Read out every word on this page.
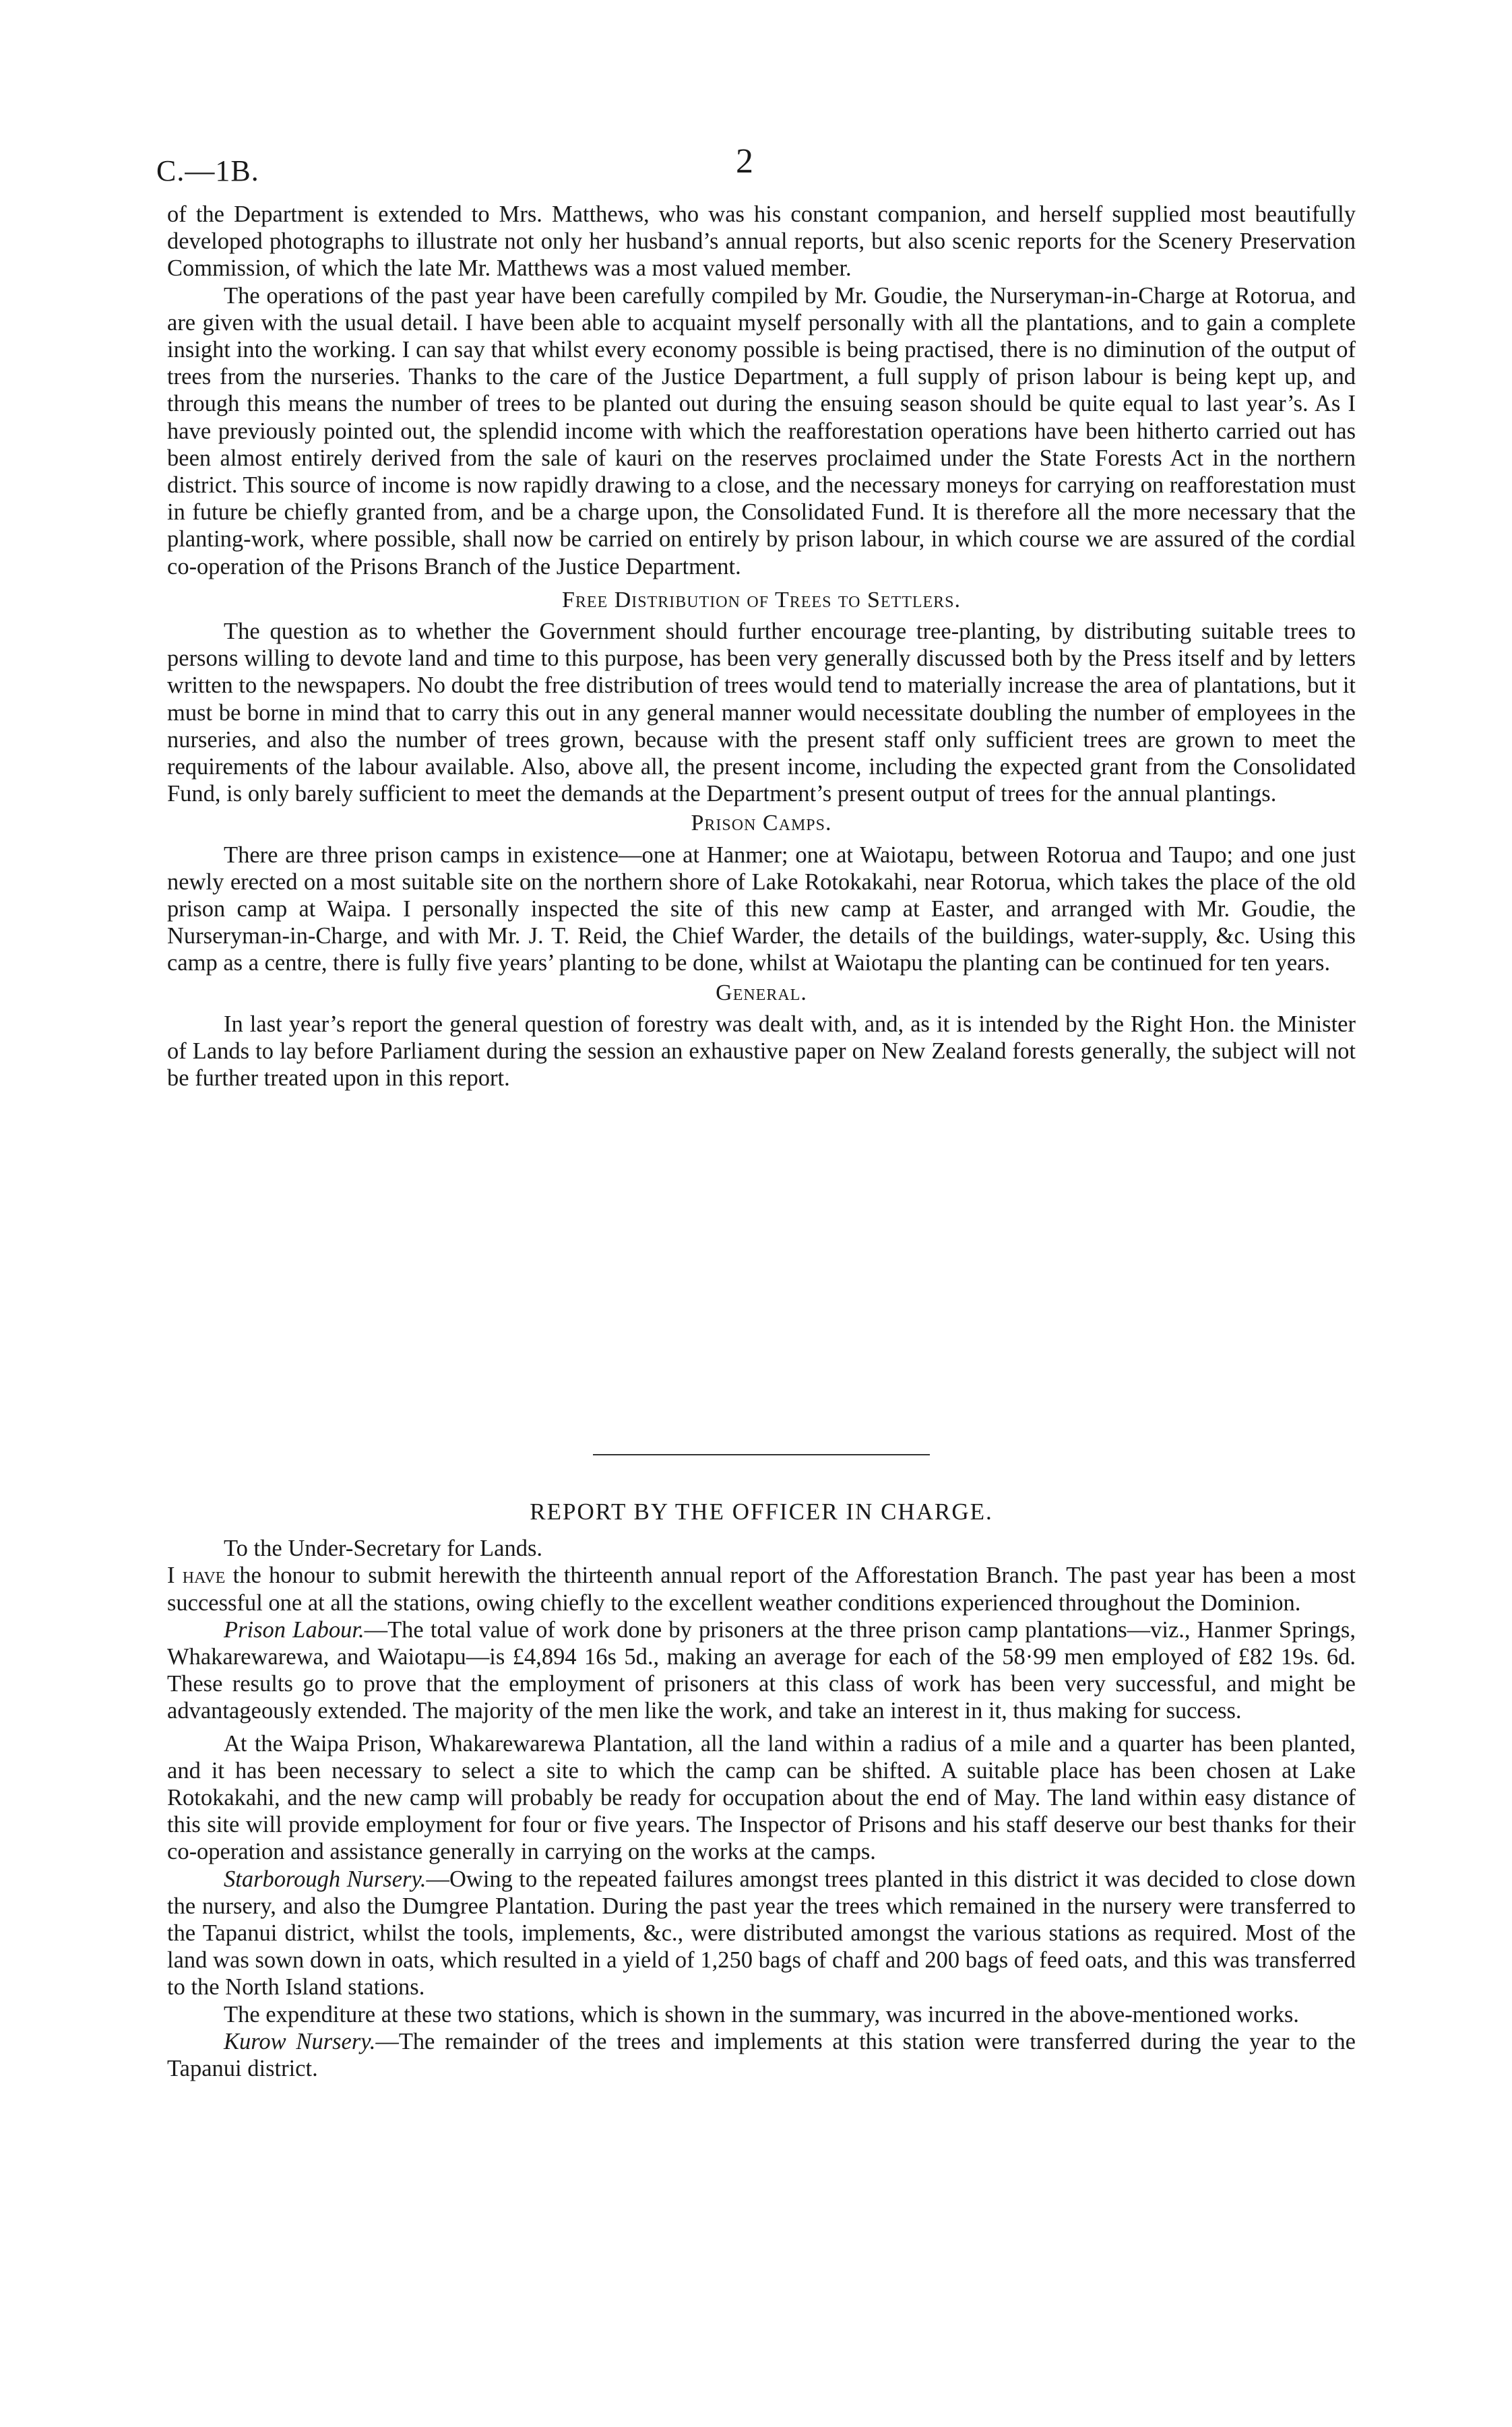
C.—1B.	2

of the Department is extended to Mrs. Matthews, who was his constant companion, and herself supplied most beautifully developed photographs to illustrate not only her husband’s annual reports, but also scenic reports for the Scenery Preservation Commission, of which the late Mr. Matthews was a most valued member.

The operations of the past year have been carefully compiled by Mr. Goudie, the Nurseryman-in-Charge at Rotorua, and are given with the usual detail. I have been able to acquaint myself personally with all the plantations, and to gain a complete insight into the working. I can say that whilst every economy possible is being practised, there is no diminution of the output of trees from the nurseries. Thanks to the care of the Justice Department, a full supply of prison labour is being kept up, and through this means the number of trees to be planted out during the ensuing season should be quite equal to last year’s. As I have previously pointed out, the splendid income with which the reafforestation operations have been hitherto carried out has been almost entirely derived from the sale of kauri on the reserves proclaimed under the State Forests Act in the northern district. This source of income is now rapidly drawing to a close, and the necessary moneys for carrying on reafforestation must in future be chiefly granted from, and be a charge upon, the Consolidated Fund. It is therefore all the more necessary that the planting-work, where possible, shall now be carried on entirely by prison labour, in which course we are assured of the cordial co-operation of the Prisons Branch of the Justice Department.

Free Distribution of Trees to Settlers.

The question as to whether the Government should further encourage tree-planting, by distributing suitable trees to persons willing to devote land and time to this purpose, has been very generally discussed both by the Press itself and by letters written to the newspapers. No doubt the free distribution of trees would tend to materially increase the area of plantations, but it must be borne in mind that to carry this out in any general manner would necessitate doubling the number of employees in the nurseries, and also the number of trees grown, because with the present staff only sufficient trees are grown to meet the requirements of the labour available. Also, above all, the present income, including the expected grant from the Consolidated Fund, is only barely sufficient to meet the demands at the Department’s present output of trees for the annual plantings.

Prison Camps.

There are three prison camps in existence—one at Hanmer; one at Waiotapu, between Rotorua and Taupo; and one just newly erected on a most suitable site on the northern shore of Lake Rotokakahi, near Rotorua, which takes the place of the old prison camp at Waipa. I personally inspected the site of this new camp at Easter, and arranged with Mr. Goudie, the Nurseryman-in-Charge, and with Mr. J. T. Reid, the Chief Warder, the details of the buildings, water-supply, &c. Using this camp as a centre, there is fully five years’ planting to be done, whilst at Waiotapu the planting can be continued for ten years.

General.

In last year’s report the general question of forestry was dealt with, and, as it is intended by the Right Hon. the Minister of Lands to lay before Parliament during the session an exhaustive paper on New Zealand forests generally, the subject will not be further treated upon in this report.

REPORT BY THE OFFICER IN CHARGE.

To the Under-Secretary for Lands.

I have the honour to submit herewith the thirteenth annual report of the Afforestation Branch. The past year has been a most successful one at all the stations, owing chiefly to the excellent weather conditions experienced throughout the Dominion.

Prison Labour.—The total value of work done by prisoners at the three prison camp plantations—viz., Hanmer Springs, Whakarewarewa, and Waiotapu—is £4,894 16s 5d., making an average for each of the 58·99 men employed of £82 19s. 6d. These results go to prove that the employment of prisoners at this class of work has been very successful, and might be advantageously extended. The majority of the men like the work, and take an interest in it, thus making for success.

At the Waipa Prison, Whakarewarewa Plantation, all the land within a radius of a mile and a quarter has been planted, and it has been necessary to select a site to which the camp can be shifted. A suitable place has been chosen at Lake Rotokakahi, and the new camp will probably be ready for occupation about the end of May. The land within easy distance of this site will provide employment for four or five years. The Inspector of Prisons and his staff deserve our best thanks for their co-operation and assistance generally in carrying on the works at the camps.

Starborough Nursery.—Owing to the repeated failures amongst trees planted in this district it was decided to close down the nursery, and also the Dumgree Plantation. During the past year the trees which remained in the nursery were transferred to the Tapanui district, whilst the tools, implements, &c., were distributed amongst the various stations as required. Most of the land was sown down in oats, which resulted in a yield of 1,250 bags of chaff and 200 bags of feed oats, and this was transferred to the North Island stations.

The expenditure at these two stations, which is shown in the summary, was incurred in the above-mentioned works.

Kurow Nursery.—The remainder of the trees and implements at this station were transferred during the year to the Tapanui district.
